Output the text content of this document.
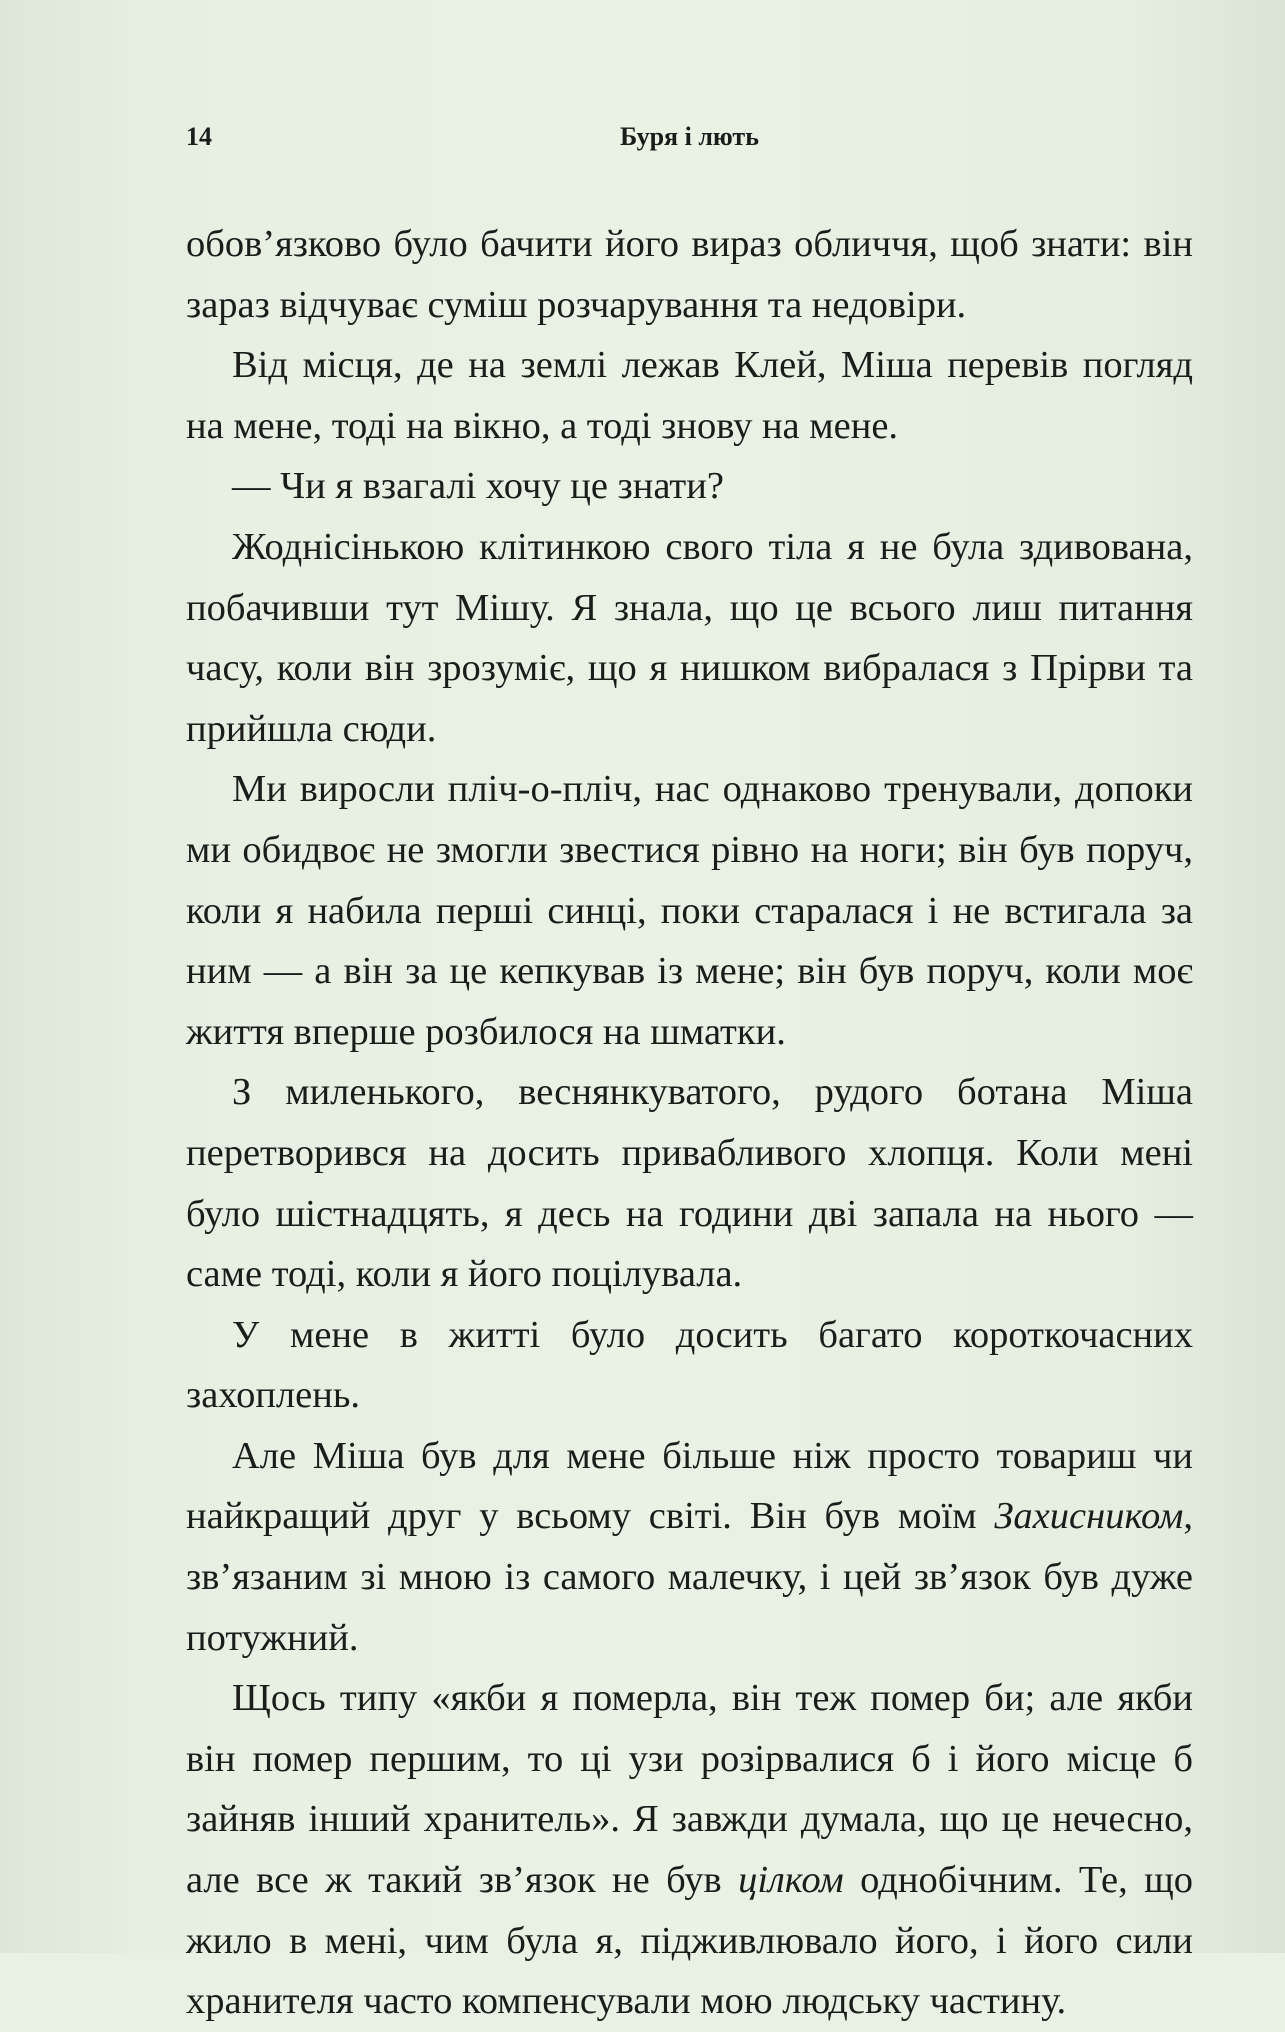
14	Буря і лють

обов’язково було бачити його вираз обличчя, щоб знати: він зараз відчуває суміш розчарування та недовіри.

Від місця, де на землі лежав Клей, Міша перевів погляд на мене, тоді на вікно, а тоді знову на мене.

— Чи я взагалі хочу це знати?

Жоднісінькою клітинкою свого тіла я не була здивована, побачивши тут Мішу. Я знала, що це всього лиш питання часу, коли він зрозуміє, що я нишком вибралася з Прірви та прийшла сюди.

Ми виросли пліч-о-пліч, нас однаково тренували, допоки ми обидвоє не змогли звестися рівно на ноги; він був поруч, коли я набила перші синці, поки старалася і не встигала за ним — а він за це кепкував із мене; він був поруч, коли моє життя вперше розбилося на шматки.

З миленького, веснянкуватого, рудого ботана Міша перетворився на досить привабливого хлопця. Коли мені було шістнадцять, я десь на години дві запала на нього — саме тоді, коли я його поцілувала.

У мене в житті було досить багато короткочасних захоплень.

Але Міша був для мене більше ніж просто товариш чи найкращий друг у всьому світі. Він був моїм Захисником, зв’язаним зі мною із самого малечку, і цей зв’язок був дуже потужний.

Щось типу «якби я померла, він теж помер би; але якби він помер першим, то ці узи розірвалися б і його місце б зайняв інший хранитель». Я завжди думала, що це нечесно, але все ж такий зв’язок не був цілком однобічним. Те, що жило в мені, чим була я, підживлювало його, і його сили хранителя часто компенсували мою людську частину.
